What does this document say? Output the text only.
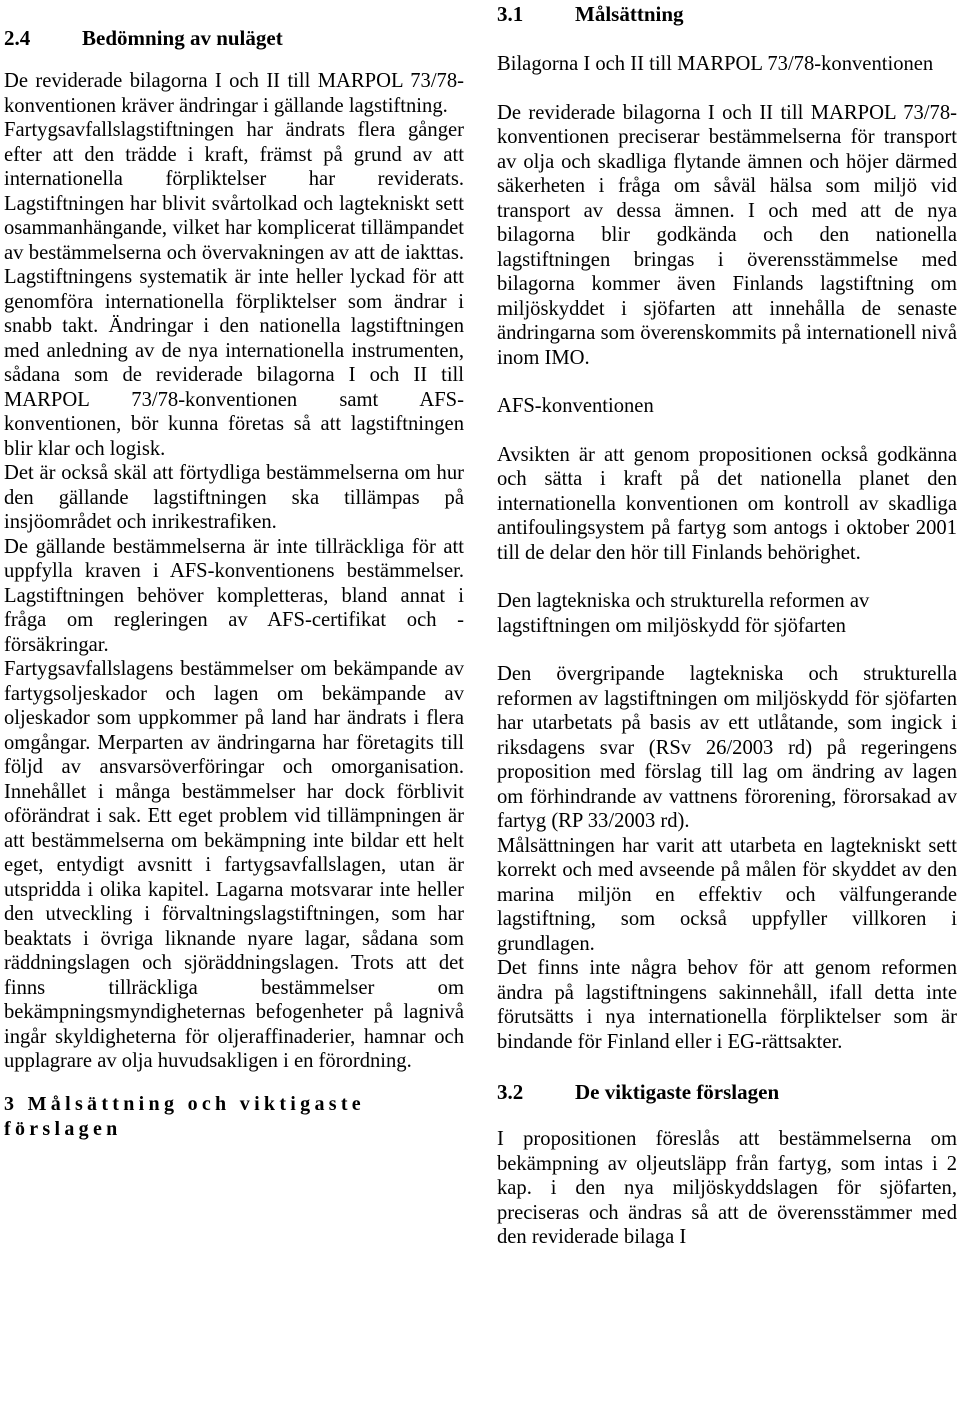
2.4	Bedömning av nuläget

De reviderade bilagorna I och II till MARPOL 73/78-konventionen kräver ändringar i gällande lagstiftning.

Fartygsavfallslagstiftningen har ändrats flera gånger efter att den trädde i kraft, främst på grund av att internationella förpliktelser har reviderats. Lagstiftningen har blivit svårtolkad och lagtekniskt sett osammanhängande, vilket har komplicerat tillämpandet av bestämmelserna och övervakningen av att de iakttas. Lagstiftningens systematik är inte heller lyckad för att genomföra internationella förpliktelser som ändrar i snabb takt. Ändringar i den nationella lagstiftningen med anledning av de nya internationella instrumenten, sådana som de reviderade bilagorna I och II till MARPOL 73/78-konventionen samt AFS-konventionen, bör kunna företas så att lagstiftningen blir klar och logisk.

Det är också skäl att förtydliga bestämmelserna om hur den gällande lagstiftningen ska tillämpas på insjöområdet och inrikestrafiken.

De gällande bestämmelserna är inte tillräckliga för att uppfylla kraven i AFS-konventionens bestämmelser. Lagstiftningen behöver kompletteras, bland annat i fråga om regleringen av AFS-certifikat och -försäkringar.

Fartygsavfallslagens bestämmelser om bekämpande av fartygsoljeskador och lagen om bekämpande av oljeskador som uppkommer på land har ändrats i flera omgångar. Merparten av ändringarna har företagits till följd av ansvarsöverföringar och omorganisation. Innehållet i många bestämmelser har dock förblivit oförändrat i sak. Ett eget problem vid tillämpningen är att bestämmelserna om bekämpning inte bildar ett helt eget, entydigt avsnitt i fartygsavfallslagen, utan är utspridda i olika kapitel. Lagarna motsvarar inte heller den utveckling i förvaltningslagstiftningen, som har beaktats i övriga liknande nyare lagar, sådana som räddningslagen och sjöräddningslagen. Trots att det finns tillräckliga bestämmelser om bekämpningsmyndigheternas befogenheter på lagnivå ingår skyldigheterna för oljeraffinaderier, hamnar och upplagrare av olja huvudsakligen i en förordning.

3 Målsättning och viktigaste förslagen
3.1	Målsättning

Bilagorna I och II till MARPOL 73/78-konventionen

De reviderade bilagorna I och II till MARPOL 73/78-konventionen preciserar bestämmelserna för transport av olja och skadliga flytande ämnen och höjer därmed säkerheten i fråga om såväl hälsa som miljö vid transport av dessa ämnen. I och med att de nya bilagorna blir godkända och den nationella lagstiftningen bringas i överensstämmelse med bilagorna kommer även Finlands lagstiftning om miljöskyddet i sjöfarten att innehålla de senaste ändringarna som överenskommits på internationell nivå inom IMO.

AFS-konventionen

Avsikten är att genom propositionen också godkänna och sätta i kraft på det nationella planet den internationella konventionen om kontroll av skadliga antifoulingsystem på fartyg som antogs i oktober 2001 till de delar den hör till Finlands behörighet.

Den lagtekniska och strukturella reformen av lagstiftningen om miljöskydd för sjöfarten

Den övergripande lagtekniska och strukturella reformen av lagstiftningen om miljöskydd för sjöfarten har utarbetats på basis av ett utlåtande, som ingick i riksdagens svar (RSv 26/2003 rd) på regeringens proposition med förslag till lag om ändring av lagen om förhindrande av vattnens förorening, förorsakad av fartyg (RP 33/2003 rd).

Målsättningen har varit att utarbeta en lagtekniskt sett korrekt och med avseende på målen för skyddet av den marina miljön en effektiv och välfungerande lagstiftning, som också uppfyller villkoren i grundlagen.

Det finns inte några behov för att genom reformen ändra på lagstiftningens sakinnehåll, ifall detta inte förutsätts i nya internationella förpliktelser som är bindande för Finland eller i EG-rättsakter.

3.2	De viktigaste förslagen

I propositionen föreslås att bestämmelserna om bekämpning av oljeutsläpp från fartyg, som intas i 2 kap. i den nya miljöskyddslagen för sjöfarten, preciseras och ändras så att de överensstämmer med den reviderade bilaga I
